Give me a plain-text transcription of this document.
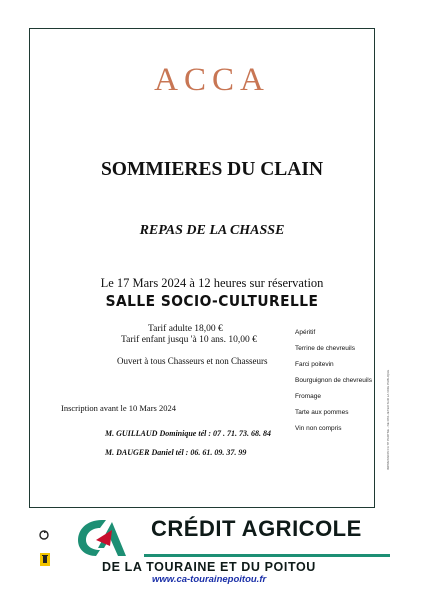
ACCA
SOMMIERES DU CLAIN
REPAS DE LA CHASSE
Le 17 Mars 2024 à 12 heures sur réservation
SALLE SOCIO-CULTURELLE
Tarif adulte 18,00 €
Tarif enfant jusqu 'à 10 ans. 10,00 €
Ouvert à tous Chasseurs et non Chasseurs
Inscription avant le 10 Mars 2024
Apéritif
Terrine de chevreuils
Farci poitevin
Bourguignon de chevreuils
Fromage
Tarte aux pommes
Vin non compris
M. GUILLAUD Dominique tél : 07 . 71. 73. 68. 84
M. DAUGER Daniel tél : 06. 61. 09. 37. 99	IMPRESSION CA TP PARTNE - NE PAS JETER SUR LA VOIE PUBLIQUE
CRÉDIT AGRICOLE
DE LA TOURAINE ET DU POITOU
www.ca-tourainepoitou.fr
